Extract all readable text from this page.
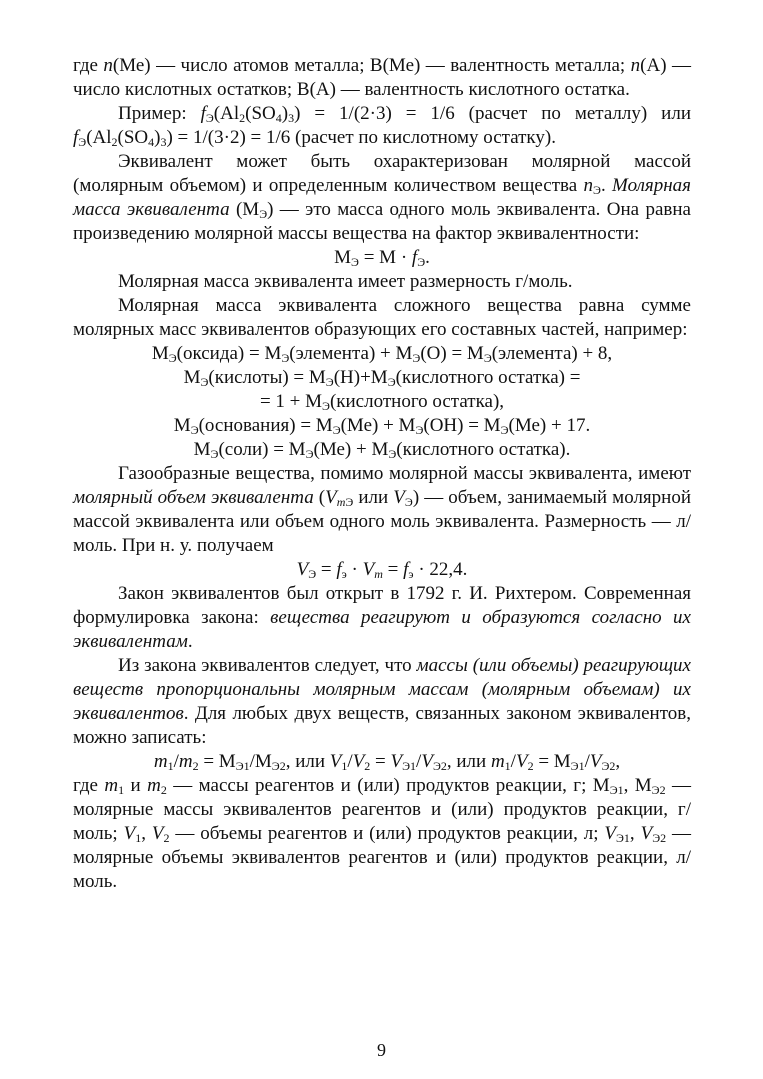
где n(Ме) — число атомов металла; В(Ме) — валентность металла; n(А) — число кислотных остатков; В(А) — валентность кислотного остатка.

Пример: $f_Э(Al_2(SO_4)_3) = 1/(2\cdot 3) = 1/6$ (расчет по металлу) или $f_Э(Al_2(SO_4)_3) = 1/(3\cdot 2) = 1/6$ (расчет по кислотному остатку).

Эквивалент может быть охарактеризован молярной массой (молярным объемом) и определенным количеством вещества $n_Э$. Молярная масса эквивалента $(М_Э)$ — это масса одного моль эквивалента. Она равна произведению молярной массы вещества на фактор эквивалентности:

$М_Э = М \cdot f_Э$.

Молярная масса эквивалента имеет размерность г/моль.

Молярная масса эквивалента сложного вещества равна сумме молярных масс эквивалентов образующих его составных частей, например:

$М_Э(оксида)$ = $М_Э(элемента) + М_Э(О)$ = $М_Э(элемента) + 8$,

$М_Э(кислоты)$ = $М_Э(Н)+М_Э(кислотного$ остатка) =

= $1 + М_Э(кислотного$ остатка),

$М_Э(основания) = М_Э(Ме) + М_Э(ОН) = М_Э(Ме) + 17$.

$М_Э(соли) = М_Э(Ме)$ + $М_Э(кислотного$ остатка).

Газообразные вещества, помимо молярной массы эквивалента, имеют молярный объем эквивалента ($V_{mЭ}$ или $V_Э$) — объем, занимаемый молярной массой эквивалента или объем одного моль эквивалента. Размерность — л/моль. При н. у. получаем

$V_Э = f_э \cdot V_m = f_э \cdot 22,4$.

Закон эквивалентов был открыт в 1792 г. И. Рихтером. Современная формулировка закона: вещества реагируют и образуются согласно их эквивалентам.

Из закона эквивалентов следует, что массы (или объемы) реагирующих веществ пропорциональны молярным массам (молярным объемам) их эквивалентов. Для любых двух веществ, связанных законом эквивалентов, можно записать:

$m_1/m_2 = M_{Э1}/M_{Э2}$, или $V_1/V_2 = V_{Э1}/V_{Э2}$, или $m_1/V_2 = M_{Э1}/V_{Э2}$,

где $m_1$ и $m_2$ — массы реагентов и (или) продуктов реакции, г; $М_{Э1}$, $М_{Э2}$ — молярные массы эквивалентов реагентов и (или) продуктов реакции, г/моль; $V_1$, $V_2$ — объемы реагентов и (или) продуктов реакции, л; $V_{Э1}$, $V_{Э2}$ — молярные объемы эквивалентов реагентов и (или) продуктов реакции, л/моль.

9
